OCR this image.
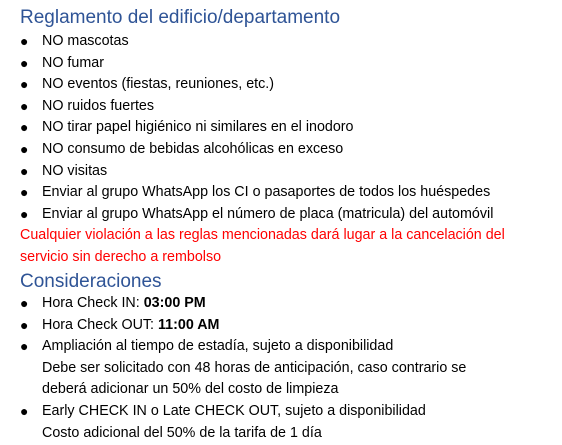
Reglamento del edificio/departamento
● NO mascotas
● NO fumar
● NO eventos (fiestas, reuniones, etc.)
● NO ruidos fuertes
● NO tirar papel higiénico ni similares en el inodoro
● NO consumo de bebidas alcohólicas en exceso
● NO visitas
● Enviar al grupo WhatsApp los CI o pasaportes de todos los huéspedes
● Enviar al grupo WhatsApp el número de placa (matricula) del automóvil

Cualquier violación a las reglas mencionadas dará lugar a la cancelación del servicio sin derecho a rembolso

Consideraciones
● Hora Check IN: 03:00 PM
● Hora Check OUT: 11:00 AM
● Ampliación al tiempo de estadía, sujeto a disponibilidad
Debe ser solicitado con 48 horas de anticipación, caso contrario se
deberá adicionar un 50% del costo de limpieza
● Early CHECK IN o Late CHECK OUT, sujeto a disponibilidad
Costo adicional del 50% de la tarifa de 1 día
